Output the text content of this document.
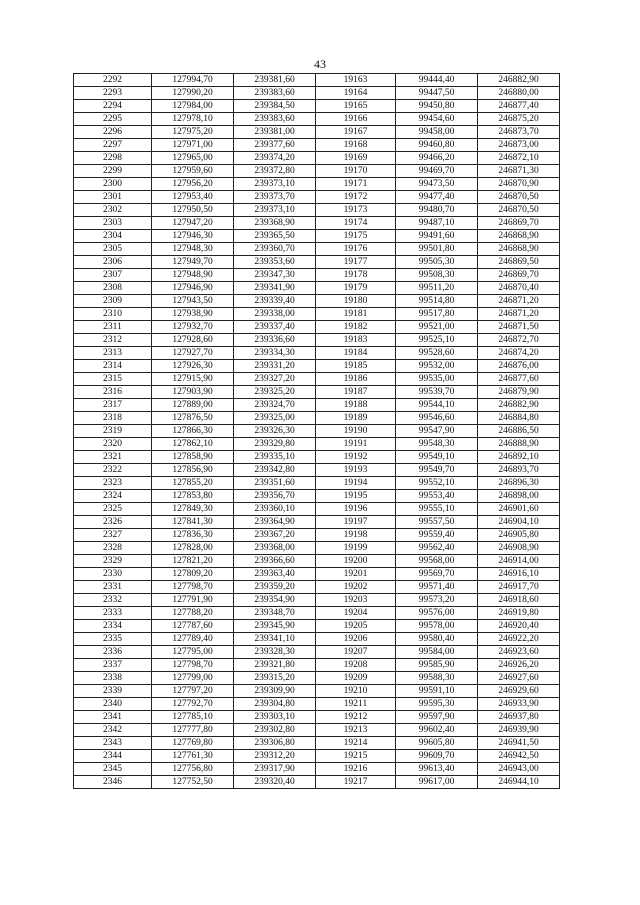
43
2292	127994,70	239381,60	19163	99444,40	246882,90
2293	127990,20	239383,60	19164	99447,50	246880,00
2294	127984,00	239384,50	19165	99450,80	246877,40
2295	127978,10	239383,60	19166	99454,60	246875,20
2296	127975,20	239381,00	19167	99458,00	246873,70
2297	127971,00	239377,60	19168	99460,80	246873,00
2298	127965,00	239374,20	19169	99466,20	246872,10
2299	127959,60	239372,80	19170	99469,70	246871,30
2300	127956,20	239373,10	19171	99473,50	246870,90
2301	127953,40	239373,70	19172	99477,40	246870,50
2302	127950,50	239373,10	19173	99480,70	246870,50
2303	127947,20	239368,90	19174	99487,10	246869,70
2304	127946,30	239365,50	19175	99491,60	246868,90
2305	127948,30	239360,70	19176	99501,80	246868,90
2306	127949,70	239353,60	19177	99505,30	246869,50
2307	127948,90	239347,30	19178	99508,30	246869,70
2308	127946,90	239341,90	19179	99511,20	246870,40
2309	127943,50	239339,40	19180	99514,80	246871,20
2310	127938,90	239338,00	19181	99517,80	246871,20
2311	127932,70	239337,40	19182	99521,00	246871,50
2312	127928,60	239336,60	19183	99525,10	246872,70
2313	127927,70	239334,30	19184	99528,60	246874,20
2314	127926,30	239331,20	19185	99532,00	246876,00
2315	127915,90	239327,20	19186	99535,00	246877,60
2316	127903,90	239325,20	19187	99539,70	246879,90
2317	127889,00	239324,70	19188	99544,10	246882,90
2318	127876,50	239325,00	19189	99546,60	246884,80
2319	127866,30	239326,30	19190	99547,90	246886,50
2320	127862,10	239329,80	19191	99548,30	246888,90
2321	127858,90	239335,10	19192	99549,10	246892,10
2322	127856,90	239342,80	19193	99549,70	246893,70
2323	127855,20	239351,60	19194	99552,10	246896,30
2324	127853,80	239356,70	19195	99553,40	246898,00
2325	127849,30	239360,10	19196	99555,10	246901,60
2326	127841,30	239364,90	19197	99557,50	246904,10
2327	127836,30	239367,20	19198	99559,40	246905,80
2328	127828,00	239368,00	19199	99562,40	246908,90
2329	127821,20	239366,60	19200	99568,00	246914,00
2330	127809,20	239363,40	19201	99569,70	246916,10
2331	127798,70	239359,20	19202	99571,40	246917,70
2332	127791,90	239354,90	19203	99573,20	246918,60
2333	127788,20	239348,70	19204	99576,00	246919,80
2334	127787,60	239345,90	19205	99578,00	246920,40
2335	127789,40	239341,10	19206	99580,40	246922,20
2336	127795,00	239328,30	19207	99584,00	246923,60
2337	127798,70	239321,80	19208	99585,90	246926,20
2338	127799,00	239315,20	19209	99588,30	246927,60
2339	127797,20	239309,90	19210	99591,10	246929,60
2340	127792,70	239304,80	19211	99595,30	246933,90
2341	127785,10	239303,10	19212	99597,90	246937,80
2342	127777,80	239302,80	19213	99602,40	246939,90
2343	127769,80	239306,80	19214	99605,80	246941,50
2344	127761,30	239312,20	19215	99609,70	246942,50
2345	127756,80	239317,90	19216	99613,40	246943,00
2346	127752,50	239320,40	19217	99617,00	246944,10
